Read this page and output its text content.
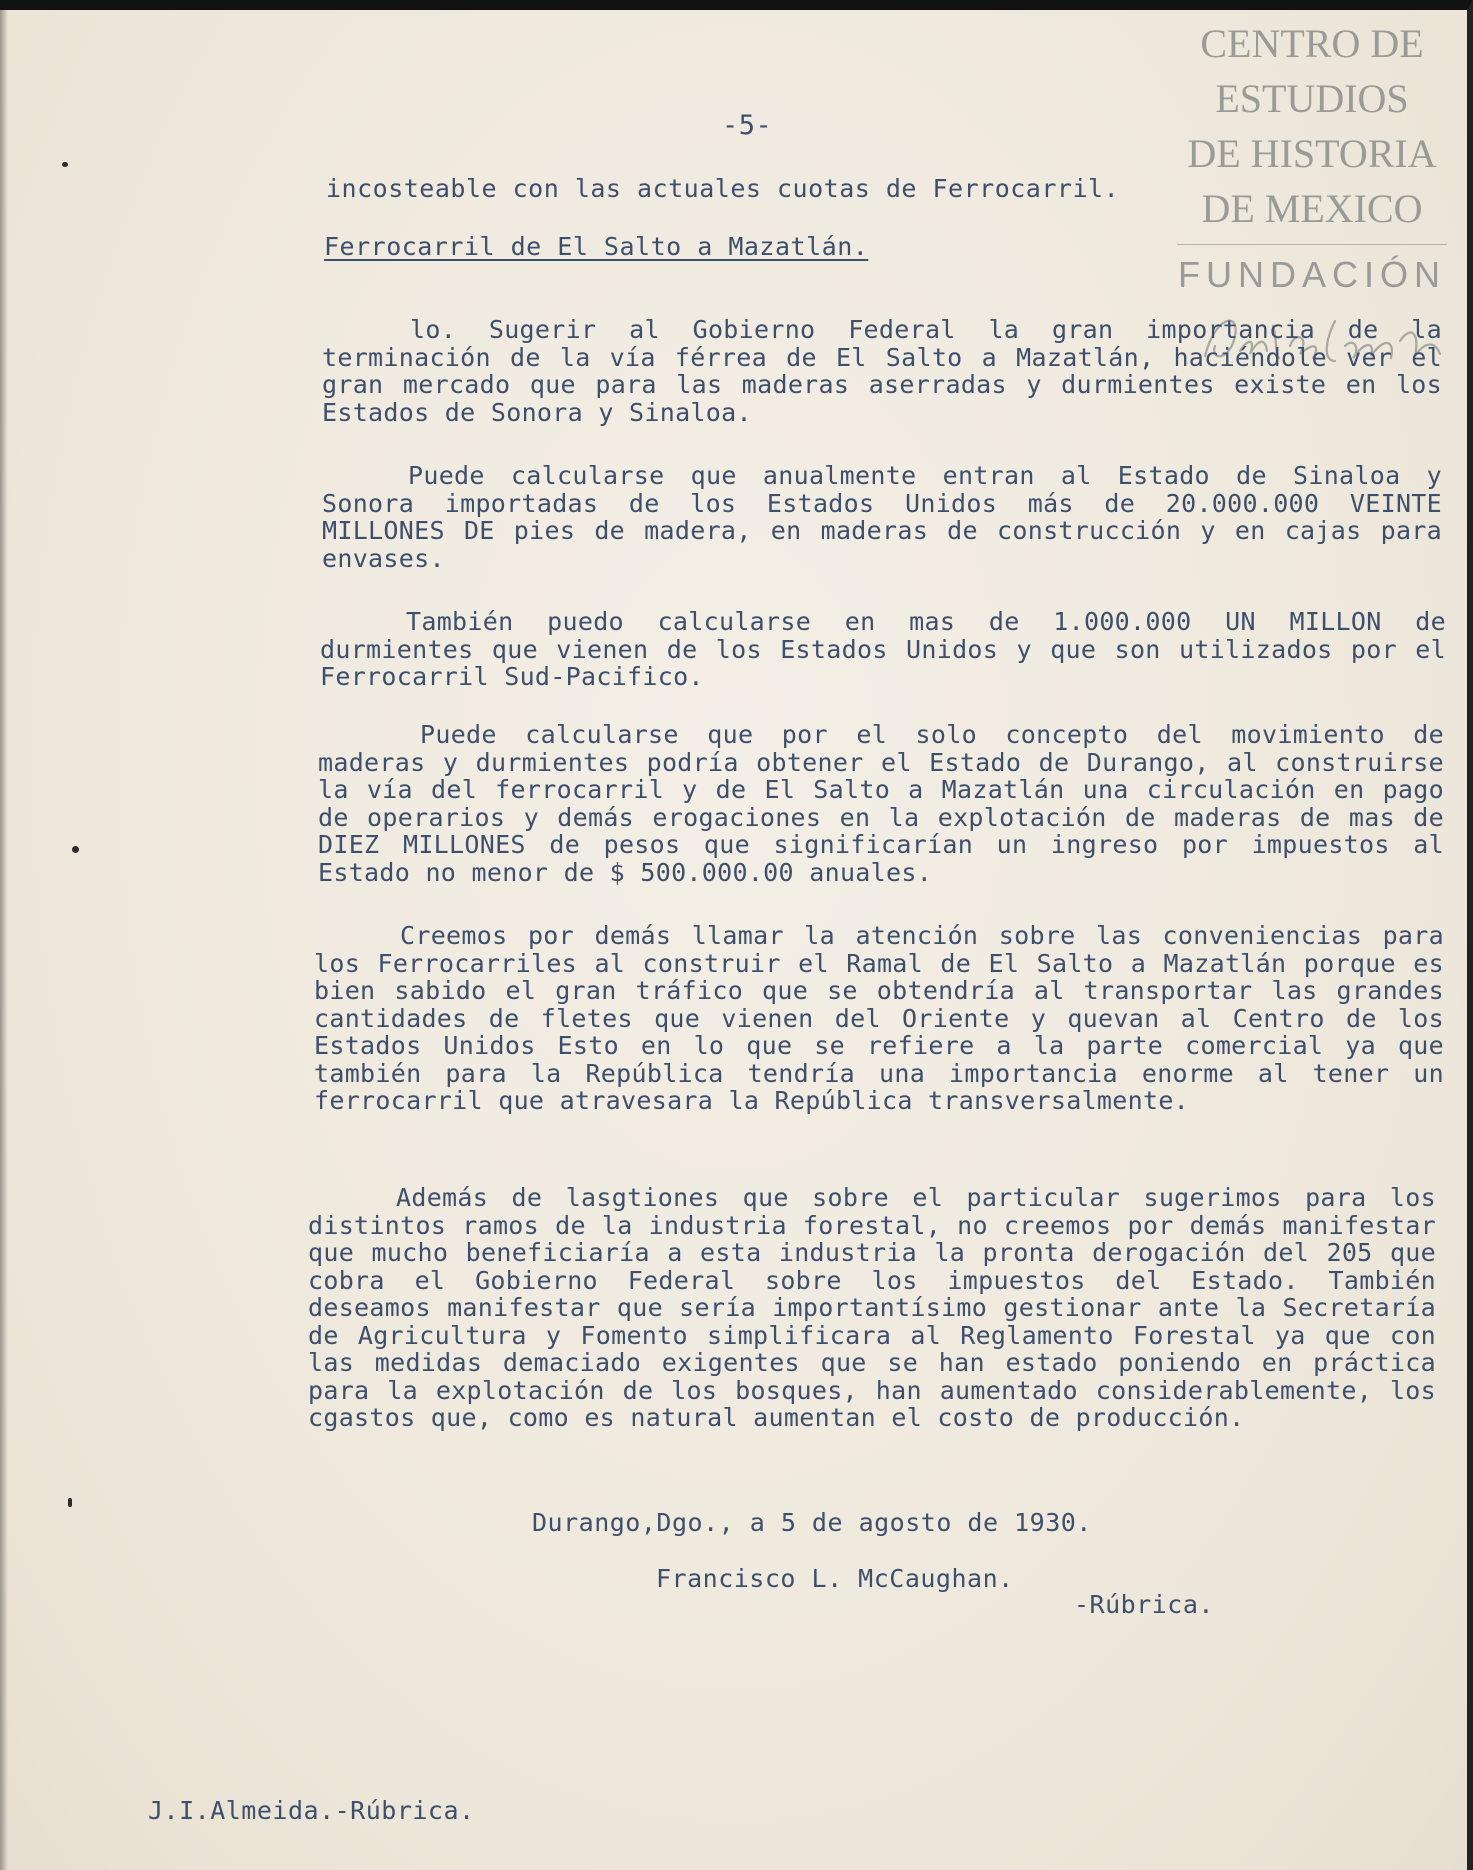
CENTRO DE
ESTUDIOS
DE HISTORIA
DE MEXICO
FUNDACIÓN
-5-
incosteable con las actuales cuotas de Ferrocarril.
Ferrocarril de El Salto a Mazatlán.
lo. Sugerir al Gobierno Federal la gran importancia de la terminación de la vía férrea de El Salto a Mazatlán, haciéndole ver el gran mercado que para las maderas aserradas y durmientes existe en los Estados de Sonora y Sinaloa.
Puede calcularse que anualmente entran al Estado de Sinaloa y Sonora importadas de los Estados Unidos más de 20.000.000 VEINTE MILLONES DE pies de madera, en maderas de construcción y en cajas para envases.
También puedo calcularse en mas de 1.000.000 UN MILLON de durmientes que vienen de los Estados Unidos y que son utilizados por el Ferrocarril Sud-Pacifico.
Puede calcularse que por el solo concepto del movimiento de maderas y durmientes podría obtener el Estado de Durango, al construirse la vía del ferrocarril y de El Salto a Mazatlán una circulación en pago de operarios y demás erogaciones en la explotación de maderas de mas de DIEZ MILLONES de pesos que significarían un ingreso por impuestos al Estado no menor de $ 500.000.00 anuales.
Creemos por demás llamar la atención sobre las conveniencias para los Ferrocarriles al construir el Ramal de El Salto a Mazatlán porque es bien sabido el gran tráfico que se obtendría al transportar las grandes cantidades de fletes que vienen del Oriente y quevan al Centro de los Estados Unidos Esto en lo que se refiere a la parte comercial ya que también para la República tendría una importancia enorme al tener un ferrocarril que atravesara la República transversalmente.
Además de lasgtiones que sobre el particular sugerimos para los distintos ramos de la industria forestal, no creemos por demás manifestar que mucho beneficiaría a esta industria la pronta derogación del 205 que cobra el Gobierno Federal sobre los impuestos del Estado. También deseamos manifestar que sería importantísimo gestionar ante la Secretaría de Agricultura y Fomento simplificara al Reglamento Forestal ya que con las medidas demaciado exigentes que se han estado poniendo en práctica para la explotación de los bosques, han aumentado considerablemente, los cgastos que, como es natural aumentan el costo de producción.
Durango,Dgo., a 5 de agosto de 1930.
Francisco L. McCaughan.
-Rúbrica.
J.I.Almeida.-Rúbrica.
